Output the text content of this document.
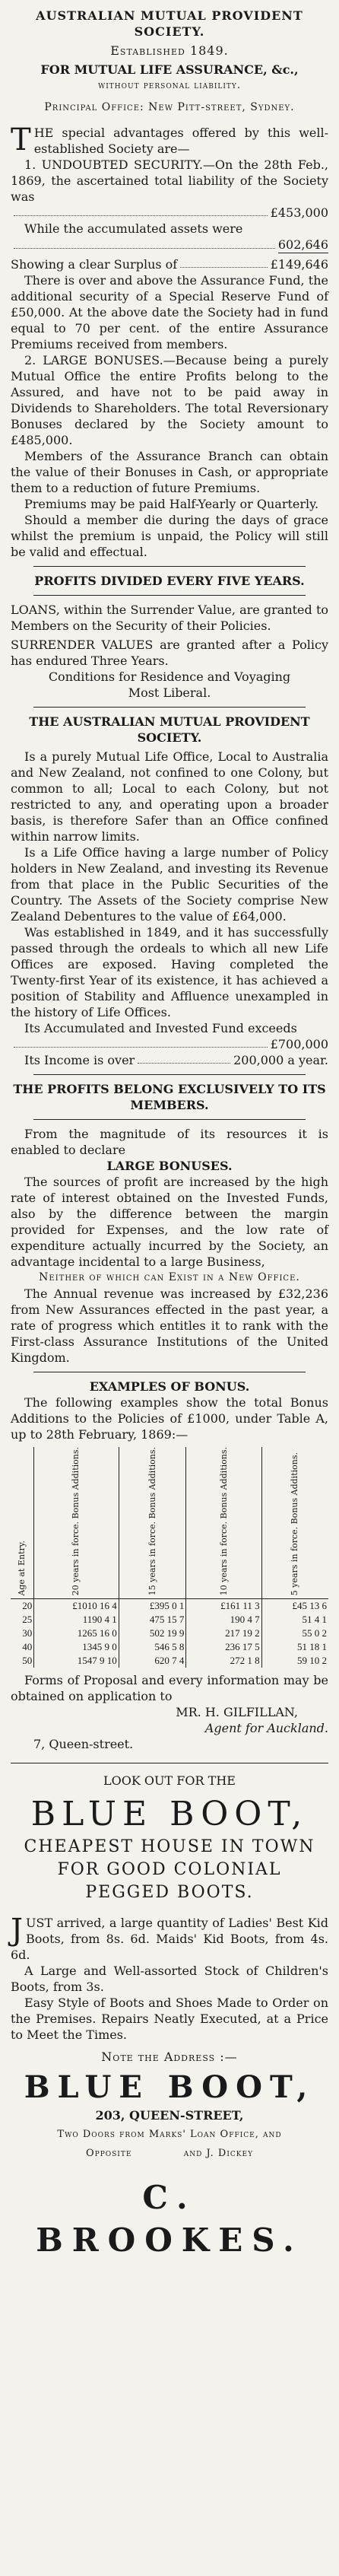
AUSTRALIAN MUTUAL PROVIDENT SOCIETY.

Established 1849.

FOR MUTUAL LIFE ASSURANCE, &c.,

without personal liability.

Principal Office: New Pitt-street, Sydney.

THE special advantages offered by this well-established Society are—

1. UNDOUBTED SECURITY.—On the 28th Feb., 1869, the ascertained total liability of the Society was

£453,000

While the accumulated assets were

602,646
Showing a clear Surplus of	£149,646

There is over and above the Assurance Fund, the additional security of a Special Reserve Fund of £50,000. At the above date the Society had in fund equal to 70 per cent. of the entire Assurance Premiums received from members.

2. LARGE BONUSES.—Because being a purely Mutual Office the entire Profits belong to the Assured, and have not to be paid away in Dividends to Shareholders. The total Reversionary Bonuses declared by the Society amount to £485,000.

Members of the Assurance Branch can obtain the value of their Bonuses in Cash, or appropriate them to a reduction of future Premiums.

Premiums may be paid Half-Yearly or Quarterly.

Should a member die during the days of grace whilst the premium is unpaid, the Policy will still be valid and effectual.

PROFITS DIVIDED EVERY FIVE YEARS.

LOANS, within the Surrender Value, are granted to Members on the Security of their Policies.

SURRENDER VALUES are granted after a Policy has endured Three Years.

Conditions for Residence and Voyaging Most Liberal.

THE AUSTRALIAN MUTUAL PROVIDENT SOCIETY.

Is a purely Mutual Life Office, Local to Australia and New Zealand, not confined to one Colony, but common to all; Local to each Colony, but not restricted to any, and operating upon a broader basis, is therefore Safer than an Office confined within narrow limits.

Is a Life Office having a large number of Policy holders in New Zealand, and investing its Revenue from that place in the Public Securities of the Country. The Assets of the Society comprise New Zealand Debentures to the value of £64,000.

Was established in 1849, and it has successfully passed through the ordeals to which all new Life Offices are exposed. Having completed the Twenty-first Year of its existence, it has achieved a position of Stability and Affluence unexampled in the history of Life Offices.

Its Accumulated and Invested Fund exceeds

£700,000
Its Income is over	200,000 a year.

THE PROFITS BELONG EXCLUSIVELY TO ITS MEMBERS.

From the magnitude of its resources it is enabled to declare

LARGE BONUSES.

The sources of profit are increased by the high rate of interest obtained on the Invested Funds, also by the difference between the margin provided for Expenses, and the low rate of expenditure actually incurred by the Society, an advantage incidental to a large Business,

Neither of which can Exist in a New Office.

The Annual revenue was increased by £32,236 from New Assurances effected in the past year, a rate of progress which entitles it to rank with the First-class Assurance Institutions of the United Kingdom.

EXAMPLES OF BONUS.

The following examples show the total Bonus Additions to the Policies of £1000, under Table A, up to 28th February, 1869:—

Age at Entry.	20 years in force. Bonus Additions.	15 years in force. Bonus Additions.	10 years in force. Bonus Additions.	5 years in force. Bonus Additions.

20	£1010 16 4	£395 0 1	£161 11 3	£45 13 6
25	1190 4 1	475 15 7	190 4 7	51 4 1
30	1265 16 0	502 19 9	217 19 2	55 0 2
40	1345 9 0	546 5 8	236 17 5	51 18 1
50	1547 9 10	620 7 4	272 1 8	59 10 2

Forms of Proposal and every information may be obtained on application to

MR. H. GILFILLAN,

Agent for Auckland.

7, Queen-street.

LOOK OUT FOR THE

BLUE BOOT,

CHEAPEST HOUSE IN TOWN

FOR GOOD COLONIAL

PEGGED BOOTS.

JUST arrived, a large quantity of Ladies' Best Kid Boots, from 8s. 6d. Maids' Kid Boots, from 4s. 6d.

A Large and Well-assorted Stock of Children's Boots, from 3s.

Easy Style of Boots and Shoes Made to Order on the Premises. Repairs Neatly Executed, at a Price to Meet the Times.

Note the Address :—

BLUE BOOT,

203, QUEEN-STREET,

Two Doors from Marks' Loan Office, and

Opposite	and J. Dickey

C. BROOKES.
